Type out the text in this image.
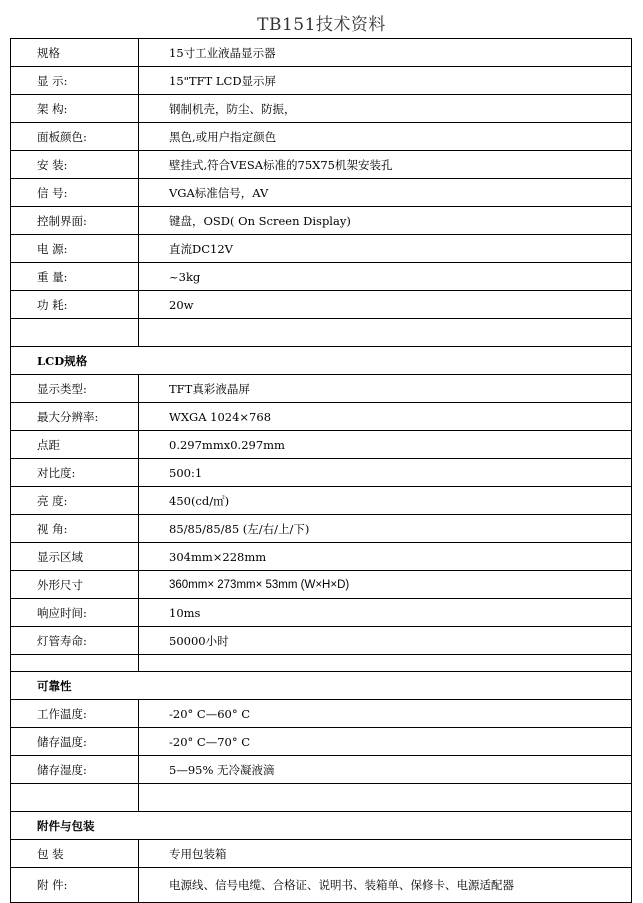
TB151技术资料
规格	15寸工业液晶显示器
显 示:	15"TFT LCD显示屏
架 构:	钢制机壳，防尘、防振，
面板颜色:	黑色,或用户指定颜色
安 装:	壁挂式,符合VESA标准的75X75机架安装孔
信 号:	VGA标准信号，AV
控制界面:	键盘，OSD( On Screen Display)
电 源:	直流DC12V
重 量:	~3kg
功 耗:	20w

LCD规格	
显示类型:	TFT真彩液晶屏
最大分辨率:	WXGA 1024×768
点距	0.297mmx0.297mm
对比度:	500:1
亮 度:	450(cd/㎡)
视 角:	85/85/85/85 (左/右/上/下)
显示区域	304mm×228mm
外形尺寸	360mm× 273mm× 53mm (W×H×D)
响应时间:	10ms
灯管寿命:	50000小时

可靠性	
工作温度:	-20° C—60° C
储存温度:	-20° C—70° C
储存湿度:	5—95% 无冷凝液滴

附件与包装	
包 装	专用包装箱
附 件:	电源线、信号电缆、合格证、说明书、装箱单、保修卡、电源适配器
